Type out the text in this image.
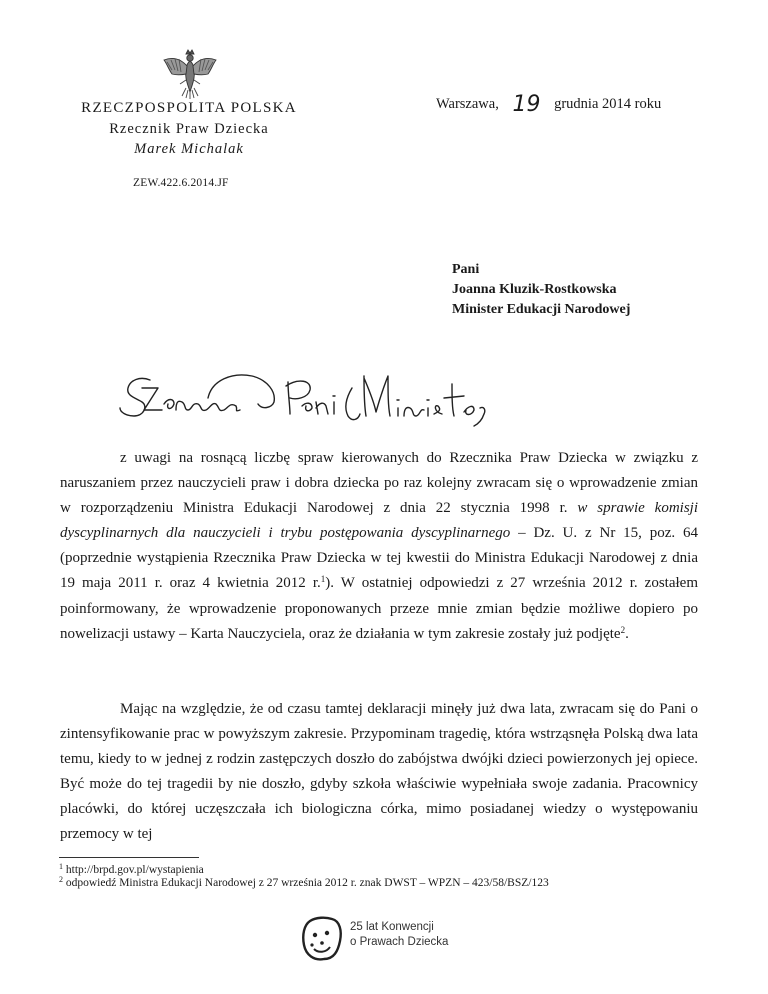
RZECZPOSPOLITA POLSKA
Rzecznik Praw Dziecka
Marek Michalak
ZEW.422.6.2014.JF
Warszawa, 19 grudnia 2014 roku
Pani
Joanna Kluzik-Rostkowska
Minister Edukacji Narodowej

z uwagi na rosnącą liczbę spraw kierowanych do Rzecznika Praw Dziecka w związku z naruszaniem przez nauczycieli praw i dobra dziecka po raz kolejny zwracam się o wprowadzenie zmian w rozporządzeniu Ministra Edukacji Narodowej z dnia 22 stycznia 1998 r. w sprawie komisji dyscyplinarnych dla nauczycieli i trybu postępowania dyscyplinarnego – Dz. U. z Nr 15, poz. 64 (poprzednie wystąpienia Rzecznika Praw Dziecka w tej kwestii do Ministra Edukacji Narodowej z dnia 19 maja 2011 r. oraz 4 kwietnia 2012 r.$^1$). W ostatniej odpowiedzi z 27 września 2012 r. zostałem poinformowany, że wprowadzenie proponowanych przeze mnie zmian będzie możliwe dopiero po nowelizacji ustawy – Karta Nauczyciela, oraz że działania w tym zakresie zostały już podjęte$^2$.

Mając na względzie, że od czasu tamtej deklaracji minęły już dwa lata, zwracam się do Pani o zintensyfikowanie prac w powyższym zakresie. Przypominam tragedię, która wstrząsnęła Polską dwa lata temu, kiedy to w jednej z rodzin zastępczych doszło do zabójstwa dwójki dzieci powierzonych jej opiece. Być może do tej tragedii by nie doszło, gdyby szkoła właściwie wypełniała swoje zadania. Pracownicy placówki, do której uczęszczała ich biologiczna córka, mimo posiadanej wiedzy o występowaniu przemocy w tej

$^1$ http://brpd.gov.pl/wystapienia
$^2$ odpowiedź Ministra Edukacji Narodowej z 27 września 2012 r. znak DWST – WPZN – 423/58/BSZ/123
25 lat Konwencji
o Prawach Dziecka
